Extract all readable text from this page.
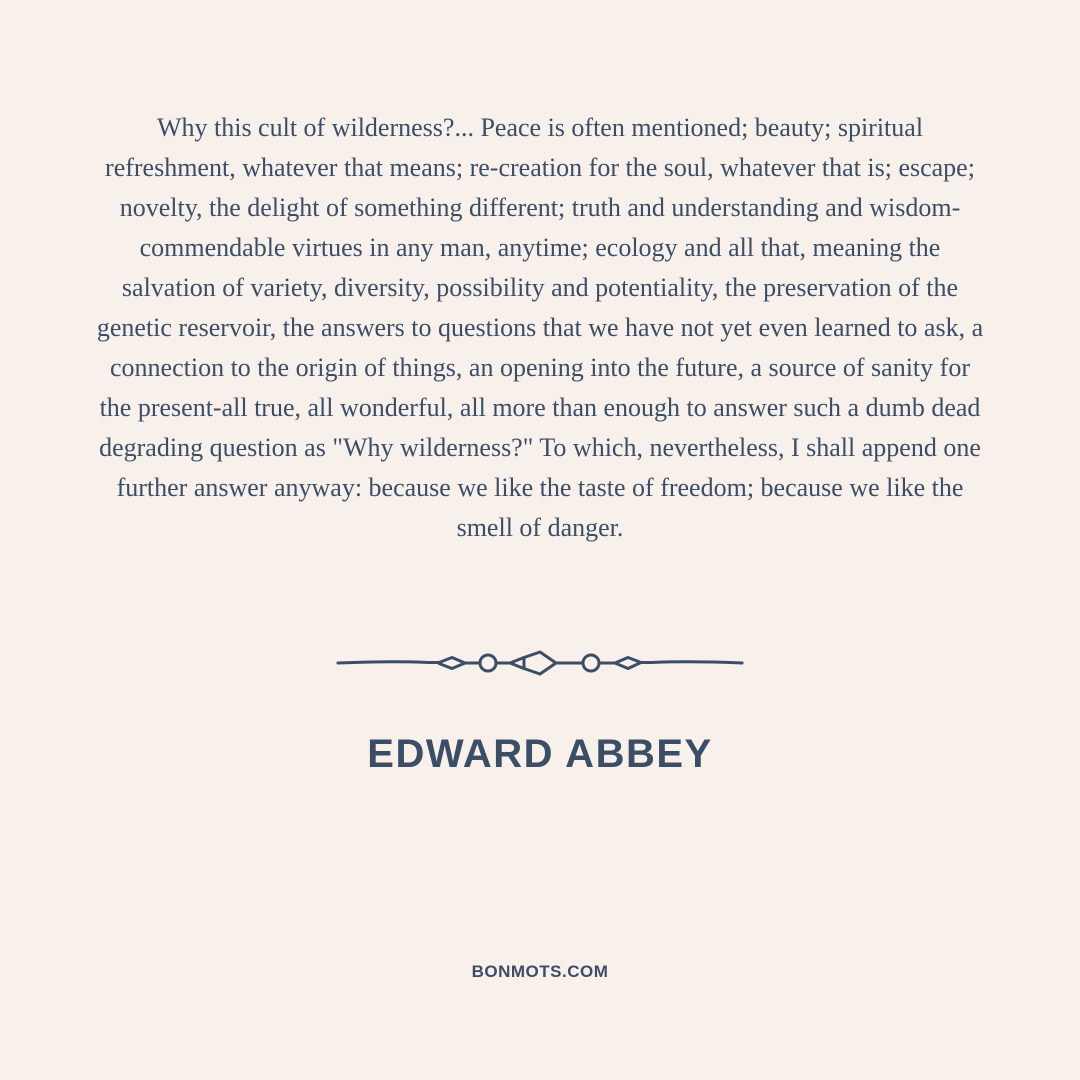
Why this cult of wilderness?... Peace is often mentioned; beauty; spiritual refreshment, whatever that means; re-creation for the soul, whatever that is; escape; novelty, the delight of something different; truth and understanding and wisdom-commendable virtues in any man, anytime; ecology and all that, meaning the salvation of variety, diversity, possibility and potentiality, the preservation of the genetic reservoir, the answers to questions that we have not yet even learned to ask, a connection to the origin of things, an opening into the future, a source of sanity for the present-all true, all wonderful, all more than enough to answer such a dumb dead degrading question as "Why wilderness?" To which, nevertheless, I shall append one further answer anyway: because we like the taste of freedom; because we like the smell of danger.

EDWARD ABBEY
BONMOTS.COM
